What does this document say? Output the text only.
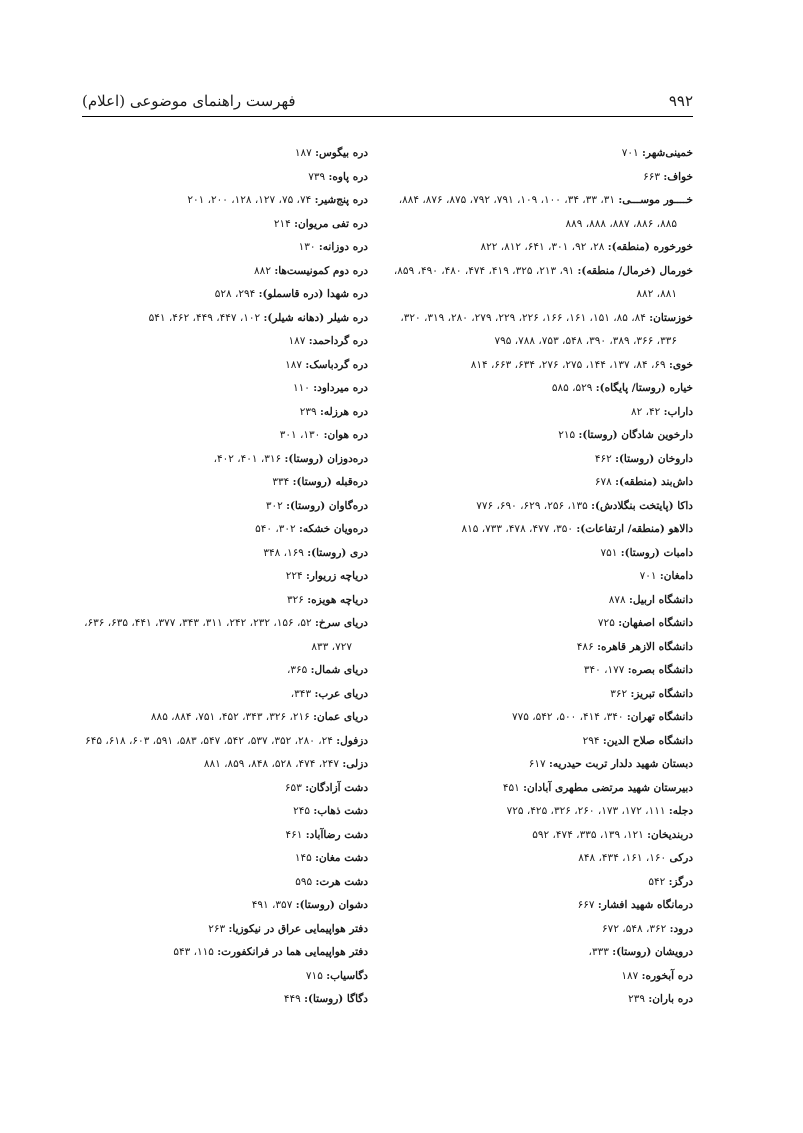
۹۹۲
فهرست راهنمای موضوعی (اعلام)
خمینی‌شهر: ۷۰۱
خواف: ۶۶۳
خــــور موســـی: ۳۱، ۳۳، ۳۴، ۱۰۰، ۱۰۹، ۷۹۱، ۷۹۲، ۸۷۵، ۸۷۶، ۸۸۴،
۸۸۵، ۸۸۶، ۸۸۷، ۸۸۸، ۸۸۹
خورخوره (منطقه): ۲۸، ۹۲، ۳۰۱، ۶۴۱، ۸۱۲، ۸۲۲
خورمال (خرمال/ منطقه): ۹۱، ۲۱۳، ۳۲۵، ۴۱۹، ۴۷۴، ۴۸۰، ۴۹۰، ۸۵۹،
۸۸۱، ۸۸۲
خوزستان: ۸۴، ۸۵، ۱۵۱، ۱۶۱، ۱۶۶، ۲۲۶، ۲۲۹، ۲۷۹، ۲۸۰، ۳۱۹، ۳۲۰،
۳۳۶، ۳۶۶، ۳۸۹، ۳۹۰، ۵۴۸، ۷۵۳، ۷۸۸، ۷۹۵
خوی: ۶۹، ۸۴، ۱۳۷، ۱۴۴، ۲۷۵، ۲۷۶، ۶۳۴، ۶۶۳، ۸۱۴
خیاره (روستا/ پایگاه): ۵۲۹، ۵۸۵
داراب: ۴۲، ۸۲
دارخوین شادگان (روستا): ۲۱۵
داروخان (روستا): ۴۶۲
داش‌بند (منطقه): ۶۷۸
داکا (پایتخت بنگلادش): ۱۳۵، ۲۵۶، ۶۲۹، ۶۹۰، ۷۷۶
دالاهو (منطقه/ ارتفاعات): ۳۵۰، ۴۷۷، ۴۷۸، ۷۳۳، ۸۱۵
دامبات (روستا): ۷۵۱
دامغان: ۷۰۱
دانشگاه اربیل: ۸۷۸
دانشگاه اصفهان: ۷۲۵
دانشگاه الازهر قاهره: ۴۸۶
دانشگاه بصره: ۱۷۷، ۳۴۰
دانشگاه تبریز: ۳۶۲
دانشگاه تهران: ۳۴۰، ۴۱۴، ۵۰۰، ۵۴۲، ۷۷۵
دانشگاه صلاح الدین: ۲۹۴
دبستان شهید دلدار تربت حیدریه: ۶۱۷
دبیرستان شهید مرتضی مطهری آبادان: ۴۵۱
دجله: ۱۱۱، ۱۷۲، ۱۷۳، ۲۶۰، ۳۲۶، ۴۲۵، ۷۲۵
دربندیخان: ۱۲۱، ۱۳۹، ۳۳۵، ۴۷۴، ۵۹۲
درکی ۱۶۰، ۱۶۱، ۴۳۴، ۸۴۸
درگز: ۵۴۲
درمانگاه شهید افشار: ۶۶۷
درود: ۳۶۲، ۵۴۸، ۶۷۲
درویشان (روستا): ۳۳۳،
دره آبخوره: ۱۸۷
دره باران: ۲۳۹
دره بیگوس: ۱۸۷
دره پاوه: ۷۳۹
دره پنج‌شیر: ۷۴، ۷۵، ۱۲۷، ۱۲۸، ۲۰۰، ۲۰۱
دره تفی مریوان: ۲۱۴
دره دوزانه: ۱۳۰
دره دوم کمونیست‌ها: ۸۸۲
دره شهدا (دره قاسملو): ۲۹۴، ۵۲۸
دره شیلر (دهانه شیلر): ۱۰۲، ۴۴۷، ۴۴۹، ۴۶۲، ۵۴۱
دره گرداحمد: ۱۸۷
دره گردباسک: ۱۸۷
دره میرداود: ۱۱۰
دره هرزله: ۲۳۹
دره هوان: ۱۳۰، ۳۰۱
دره‌دوزان (روستا): ۳۱۶، ۴۰۱، ۴۰۲،
دره‌قبله (روستا): ۳۳۴
دره‌گاوان (روستا): ۳۰۲
دره‌ویان خشکه: ۳۰۲، ۵۴۰
دری (روستا): ۱۶۹، ۳۴۸
دریاچه زریوار: ۲۲۴
دریاچه هویزه: ۳۲۶
دریای سرخ: ۵۲، ۱۵۶، ۲۳۲، ۲۴۲، ۳۱۱، ۳۴۳، ۳۷۷، ۴۴۱، ۶۳۵، ۶۳۶،
۷۲۷، ۸۳۳
دریای شمال: ۳۶۵،
دریای عرب: ۳۴۳،
دریای عمان: ۲۱۶، ۳۲۶، ۳۴۳، ۴۵۲، ۷۵۱، ۸۸۴، ۸۸۵
دزفول: ۲۴، ۲۸۰، ۳۵۲، ۵۳۷، ۵۴۲، ۵۴۷، ۵۸۳، ۵۹۱، ۶۰۳، ۶۱۸، ۶۴۵
دزلی: ۲۴۷، ۴۷۴، ۵۲۸، ۸۴۸، ۸۵۹، ۸۸۱
دشت آزادگان: ۶۵۳
دشت ذهاب: ۲۴۵
دشت رضاآباد: ۴۶۱
دشت مغان: ۱۴۵
دشت هرت: ۵۹۵
دشوان (روستا): ۳۵۷، ۴۹۱
دفتر هواپیمایی عراق در نیکوزیا: ۲۶۳
دفتر هواپیمایی هما در فرانکفورت: ۱۱۵، ۵۴۳
دگاسیاب: ۷۱۵
دگاگا (روستا): ۴۴۹
